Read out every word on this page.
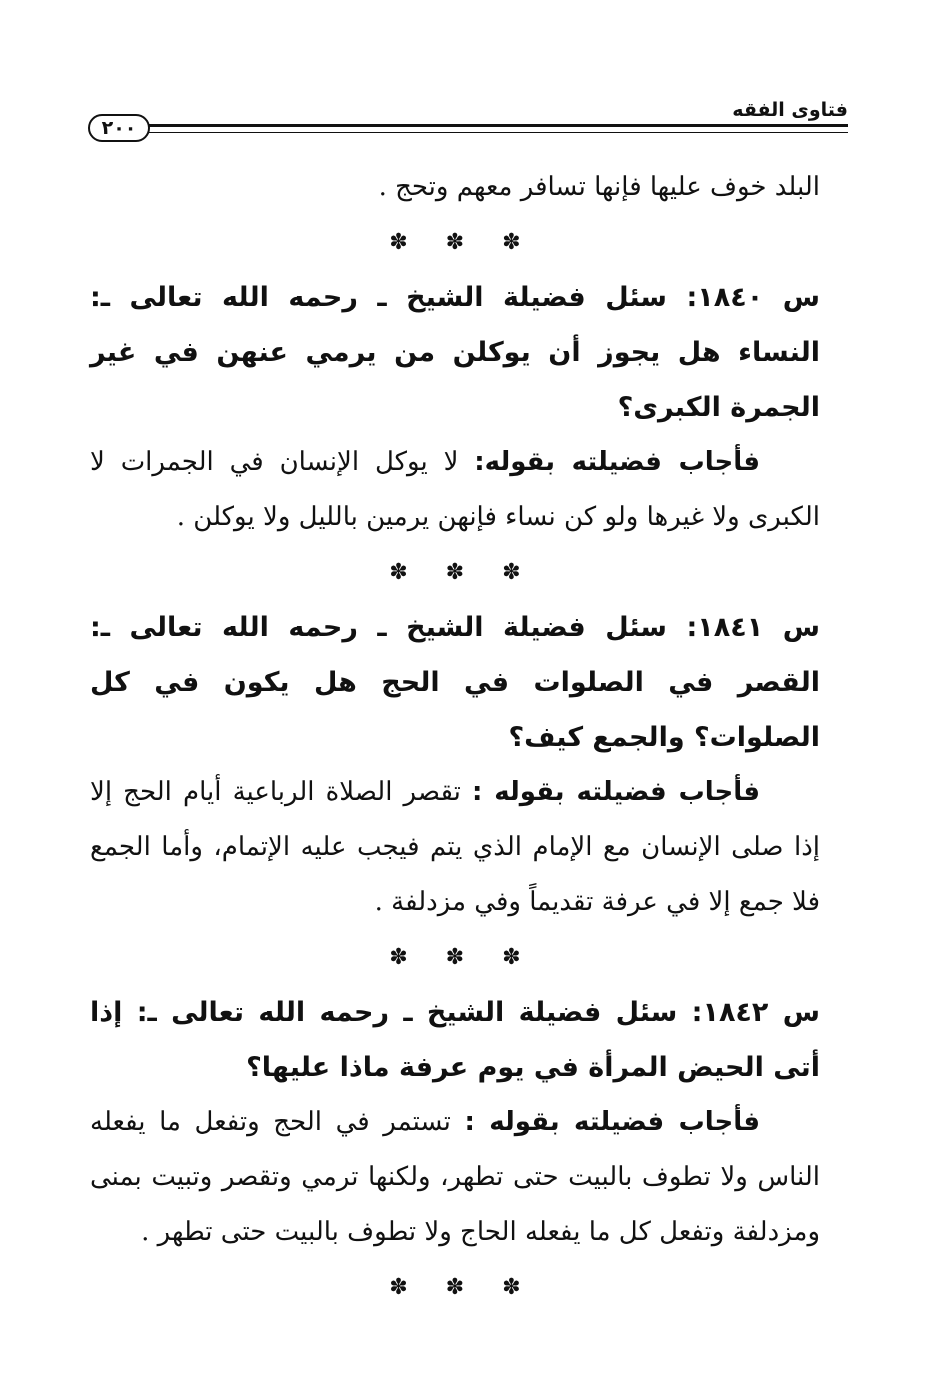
٢٠٠
فتاوى الفقه

البلد خوف عليها فإنها تسافر معهم وتحج .

✽ ✽ ✽

س ١٨٤٠: سئل فضيلة الشيخ ـ رحمه الله تعالى ـ: النساء هل يجوز أن يوكلن من يرمي عنهن في غير الجمرة الكبرى؟

فأجاب فضيلته بقوله: لا يوكل الإنسان في الجمرات لا الكبرى ولا غيرها ولو كن نساء فإنهن يرمين بالليل ولا يوكلن .

✽ ✽ ✽

س ١٨٤١: سئل فضيلة الشيخ ـ رحمه الله تعالى ـ: القصر في الصلوات في الحج هل يكون في كل الصلوات؟ والجمع كيف؟

فأجاب فضيلته بقوله : تقصر الصلاة الرباعية أيام الحج إلا إذا صلى الإنسان مع الإمام الذي يتم فيجب عليه الإتمام، وأما الجمع فلا جمع إلا في عرفة تقديماً وفي مزدلفة .

✽ ✽ ✽

س ١٨٤٢: سئل فضيلة الشيخ ـ رحمه الله تعالى ـ: إذا أتى الحيض المرأة في يوم عرفة ماذا عليها؟

فأجاب فضيلته بقوله : تستمر في الحج وتفعل ما يفعله الناس ولا تطوف بالبيت حتى تطهر، ولكنها ترمي وتقصر وتبيت بمنى ومزدلفة وتفعل كل ما يفعله الحاج ولا تطوف بالبيت حتى تطهر .

✽ ✽ ✽
